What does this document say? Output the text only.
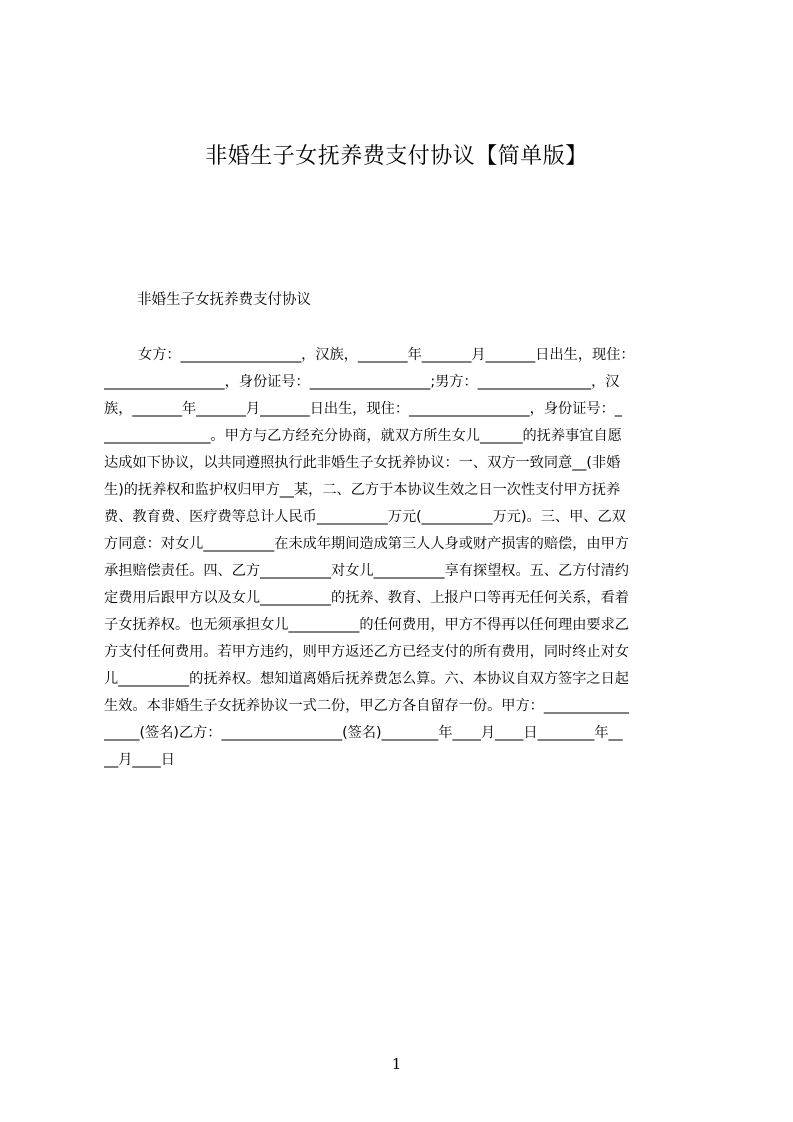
非婚生子女抚养费支付协议【简单版】
非婚生子女抚养费支付协议
女方：_________________，汉族，_______年_______月_______日出生，现住：
_________________，身份证号：_________________;男方：________________，汉
族，_______年_______月_______日出生，现住：_________________，身份证号：_
_______________。甲方与乙方经充分协商，就双方所生女儿______的抚养事宜自愿
达成如下协议，以共同遵照执行此非婚生子女抚养协议：一、双方一致同意__(非婚
生)的抚养权和监护权归甲方__某，二、乙方于本协议生效之日一次性支付甲方抚养
费、教育费、医疗费等总计人民币__________万元(__________万元)。三、甲、乙双
方同意：对女儿__________在未成年期间造成第三人人身或财产损害的赔偿，由甲方
承担赔偿责任。四、乙方__________对女儿__________享有探望权。五、乙方付清约
定费用后跟甲方以及女儿__________的抚养、教育、上报户口等再无任何关系，看着
子女抚养权。也无须承担女儿__________的任何费用，甲方不得再以任何理由要求乙
方支付任何费用。若甲方违约，则甲方返还乙方已经支付的所有费用，同时终止对女
儿__________的抚养权。想知道离婚后抚养费怎么算。六、本协议自双方签字之日起
生效。本非婚生子女抚养协议一式二份，甲乙方各自留存一份。甲方：____________
_____(签名)乙方：_________________(签名)________年____月____日________年__
__月____日
1
